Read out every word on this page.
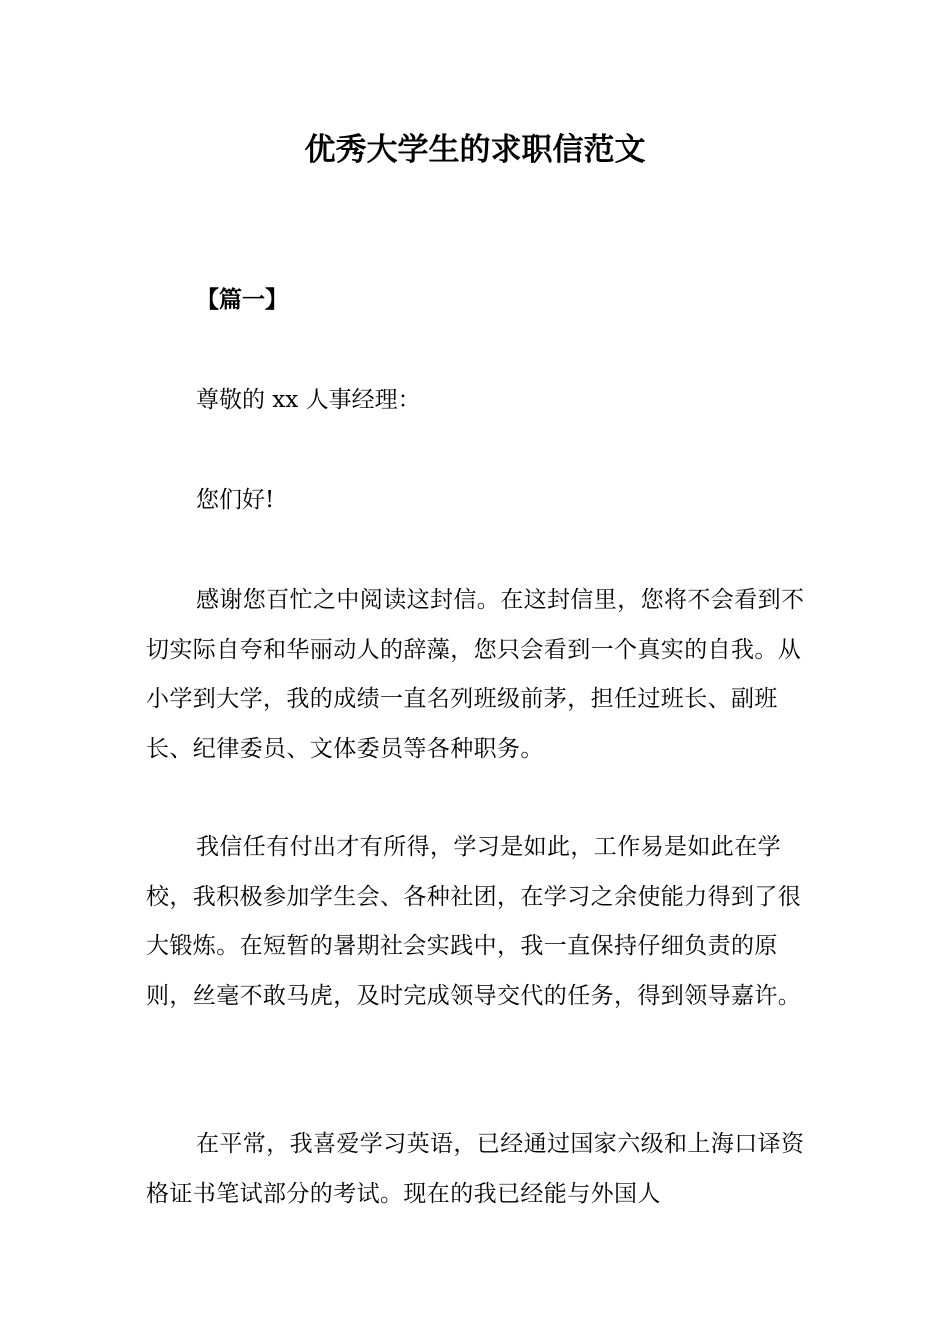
优秀大学生的求职信范文
【篇一】
尊敬的 xx 人事经理：
您们好!

感谢您百忙之中阅读这封信。在这封信里，您将不会看到不切实际自夸和华丽动人的辞藻，您只会看到一个真实的自我。从小学到大学，我的成绩一直名列班级前茅，担任过班长、副班长、纪律委员、文体委员等各种职务。

我信任有付出才有所得，学习是如此，工作易是如此在学校，我积极参加学生会、各种社团，在学习之余使能力得到了很大锻炼。在短暂的暑期社会实践中，我一直保持仔细负责的原则，丝毫不敢马虎，及时完成领导交代的任务，得到领导嘉许。

在平常，我喜爱学习英语，已经通过国家六级和上海口译资格证书笔试部分的考试。现在的我已经能与外国人
